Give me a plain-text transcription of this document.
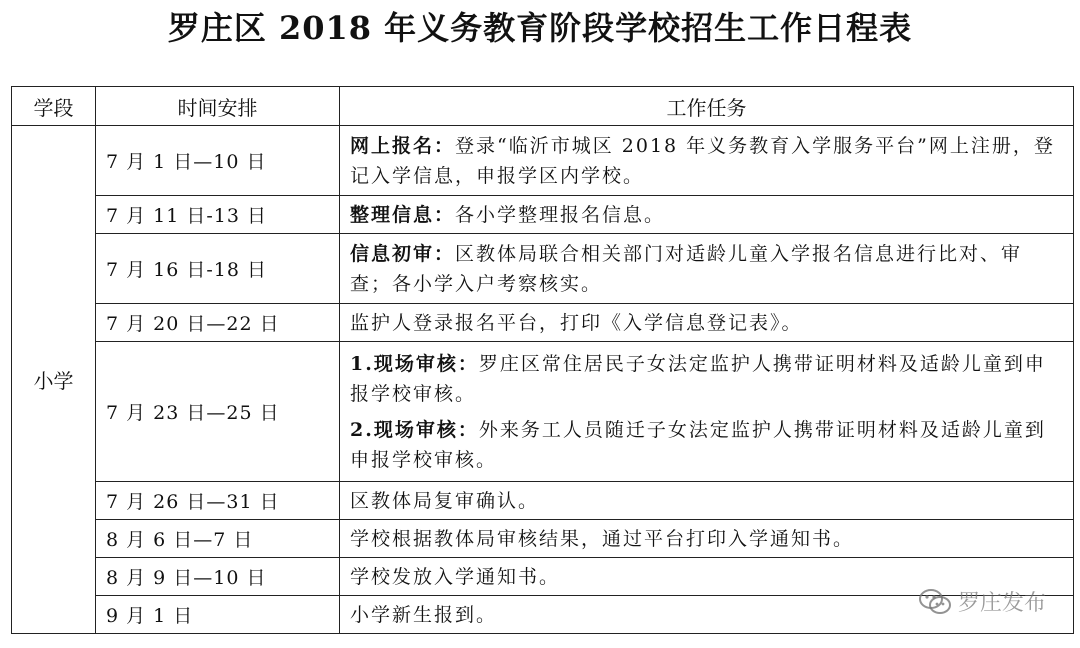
罗庄区 2018 年义务教育阶段学校招生工作日程表
学段	时间安排	工作任务
小学	7 月 1 日—10 日	网上报名：登录“临沂市城区 2018 年义务教育入学服务平台”网上注册，登记入学信息，申报学区内学校。
	7 月 11 日-13 日	整理信息：各小学整理报名信息。
	7 月 16 日-18 日	信息初审：区教体局联合相关部门对适龄儿童入学报名信息进行比对、审查；各小学入户考察核实。
	7 月 20 日—22 日	监护人登录报名平台，打印《入学信息登记表》。
	7 月 23 日—25 日	1.现场审核：罗庄区常住居民子女法定监护人携带证明材料及适龄儿童到申报学校审核。
2.现场审核：外来务工人员随迁子女法定监护人携带证明材料及适龄儿童到申报学校审核。

	7 月 26 日—31 日	区教体局复审确认。
	8 月 6 日—7 日	学校根据教体局审核结果，通过平台打印入学通知书。
	8 月 9 日—10 日	学校发放入学通知书。
	9 月 1 日	小学新生报到。	罗庄发布
